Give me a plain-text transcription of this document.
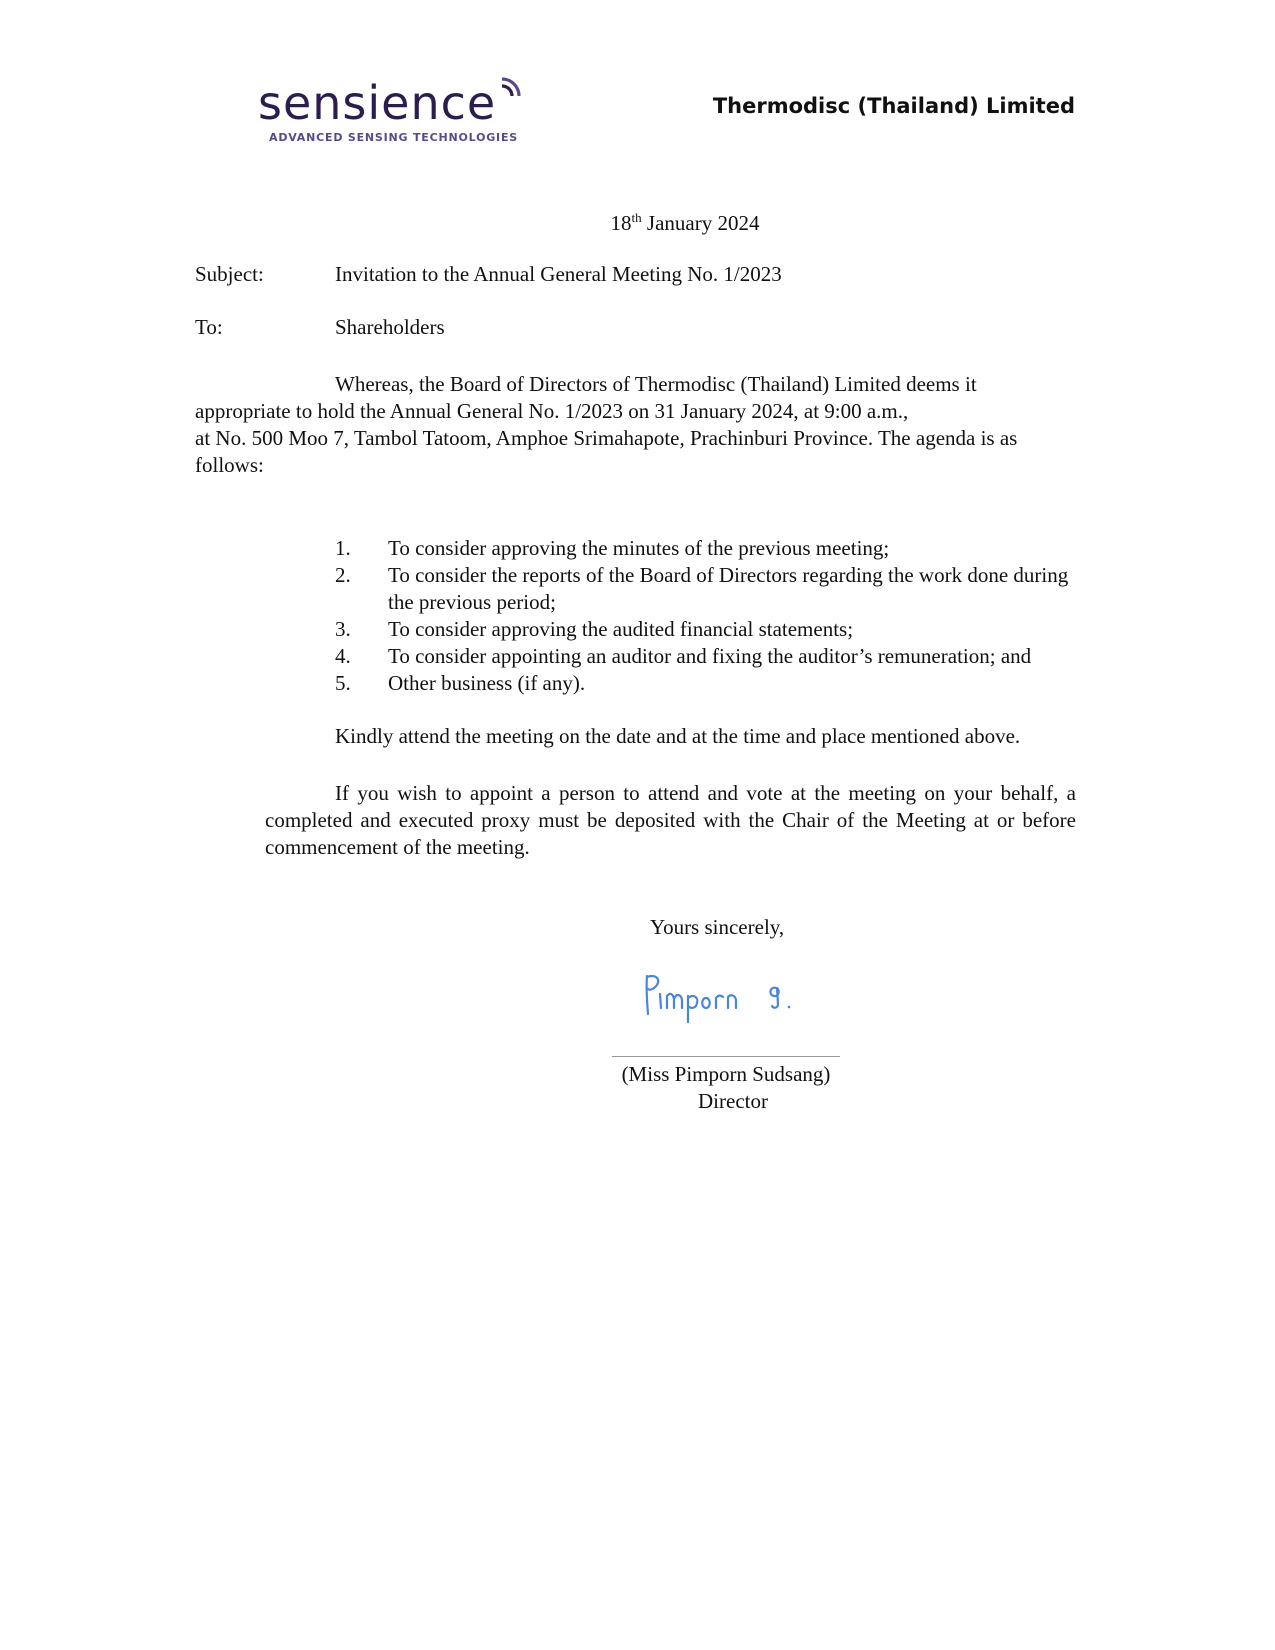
sensience
ADVANCED SENSING TECHNOLOGIES
Thermodisc (Thailand) Limited
18th January 2024
Subject:	Invitation to the Annual General Meeting No. 1/2023
To:	Shareholders
Whereas, the Board of Directors of Thermodisc (Thailand) Limited deems it
appropriate to hold the Annual General No. 1/2023 on 31 January 2024, at 9:00 a.m.,
at No. 500 Moo 7, Tambol Tatoom, Amphoe Srimahapote, Prachinburi Province. The agenda is as
follows:
1. To consider approving the minutes of the previous meeting;
2. To consider the reports of the Board of Directors regarding the work done during the previous period;
3. To consider approving the audited financial statements;
4. To consider appointing an auditor and fixing the auditor’s remuneration; and
5. Other business (if any).
Kindly attend the meeting on the date and at the time and place mentioned above.
If you wish to appoint a person to attend and vote at the meeting on your behalf, a completed and executed proxy must be deposited with the Chair of the Meeting at or before commencement of the meeting.
Yours sincerely,
(Miss Pimporn Sudsang)
Director
